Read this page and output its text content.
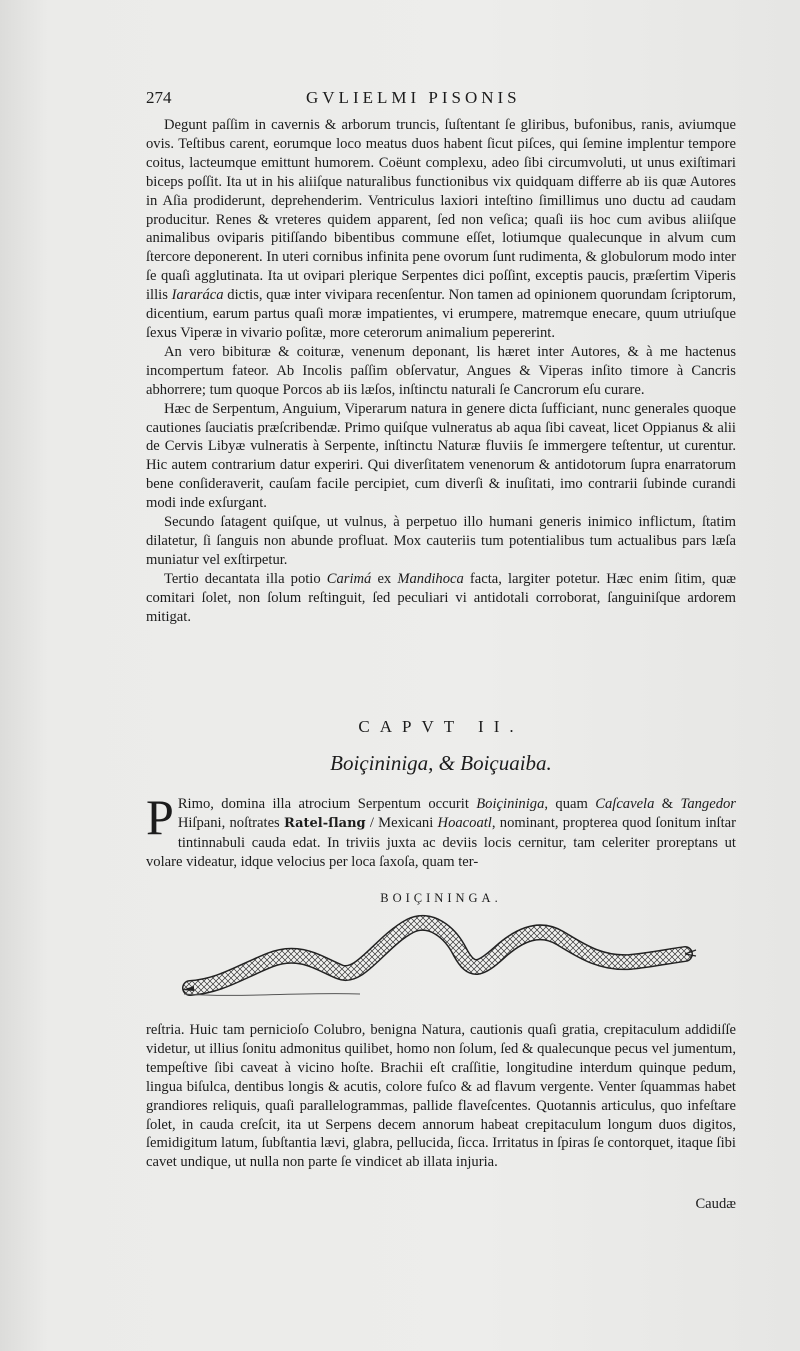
274	GVLIELMI PISONIS

Degunt paſſim in cavernis & arborum truncis, ſuſtentant ſe gliribus, bufonibus, ranis, aviumque ovis. Teſtibus carent, eorumque loco meatus duos habent ſicut piſces, qui ſemine implentur tempore coitus, lacteumque emittunt humorem. Coëunt complexu, adeo ſibi circumvoluti, ut unus exiſtimari biceps poſſit. Ita ut in his aliiſque naturalibus functionibus vix quidquam differre ab iis quæ Autores in Aſia prodiderunt, deprehenderim. Ventriculus laxiori inteſtino ſimillimus uno ductu ad caudam producitur. Renes & vreteres quidem apparent, ſed non veſica; quaſi iis hoc cum avibus aliiſque animalibus oviparis pitiſſando bibentibus commune eſſet, lotiumque qualecunque in alvum cum ſtercore deponerent. In uteri cornibus infinita pene ovorum ſunt rudimenta, & globulorum modo inter ſe quaſi agglutinata. Ita ut ovipari plerique Serpentes dici poſſint, exceptis paucis, præſertim Viperis illis Iararáca dictis, quæ inter vivipara recenſentur. Non tamen ad opinionem quorundam ſcriptorum, dicentium, earum partus quaſi moræ impatientes, vi erumpere, matremque enecare, quum utriuſque ſexus Viperæ in vivario poſitæ, more ceterorum animalium pepererint.

An vero bibituræ & coituræ, venenum deponant, lis hæret inter Autores, & à me hactenus incompertum fateor. Ab Incolis paſſim obſervatur, Angues & Viperas inſito timore à Cancris abhorrere; tum quoque Porcos ab iis læſos, inſtinctu naturali ſe Cancrorum eſu curare.

Hæc de Serpentum, Anguium, Viperarum natura in genere dicta ſufficiant, nunc generales quoque cautiones ſauciatis præſcribendæ. Primo quiſque vulneratus ab aqua ſibi caveat, licet Oppianus & alii de Cervis Libyæ vulneratis à Serpente, inſtinctu Naturæ fluviis ſe immergere teſtentur, ut curentur. Hic autem contrarium datur experiri. Qui diverſitatem venenorum & antidotorum ſupra enarratorum bene conſideraverit, cauſam facile percipiet, cum diverſi & inuſitati, imo contrarii ſubinde curandi modi inde exſurgant.

Secundo ſatagent quiſque, ut vulnus, à perpetuo illo humani generis inimico inflictum, ſtatim dilatetur, ſi ſanguis non abunde profluat. Mox cauteriis tum potentialibus tum actualibus pars læſa muniatur vel exſtirpetur.

Tertio decantata illa potio Carimá ex Mandihoca facta, largiter potetur. Hæc enim ſitim, quæ comitari ſolet, non ſolum reſtinguit, ſed peculiari vi antidotali corroborat, ſanguiniſque ardorem mitigat.

CAPVT II.
Boiçininiga, & Boiçuaiba.
P Rimo, domina illa atrocium Serpentum occurit Boiçininiga, quam Caſcavela & Tangedor Hiſpani, noſtrates Ratel-ſlang / Mexicani Hoacoatl, nominant, propterea quod ſonitum inſtar tintinnabuli cauda edat. In triviis juxta ac deviis locis cernitur, tam celeriter proreptans ut volare videatur, idque velocius per loca ſaxoſa, quam ter-
BOIÇININGA.

reſtria. Huic tam pernicioſo Colubro, benigna Natura, cautionis quaſi gratia, crepitaculum addidiſſe videtur, ut illius ſonitu admonitus quilibet, homo non ſolum, ſed & qualecunque pecus vel jumentum, tempeſtive ſibi caveat à vicino hoſte. Brachii eſt craſſitie, longitudine interdum quinque pedum, lingua biſulca, dentibus longis & acutis, colore fuſco & ad flavum vergente. Venter ſquammas habet grandiores reliquis, quaſi parallelogrammas, pallide flaveſcentes. Quotannis articulus, quo infeſtare ſolet, in cauda creſcit, ita ut Serpens decem annorum habeat crepitaculum longum duos digitos, ſemidigitum latum, ſubſtantia lævi, glabra, pellucida, ſicca. Irritatus in ſpiras ſe contorquet, itaque ſibi cavet undique, ut nulla non parte ſe vindicet ab illata injuria.

Caudæ
